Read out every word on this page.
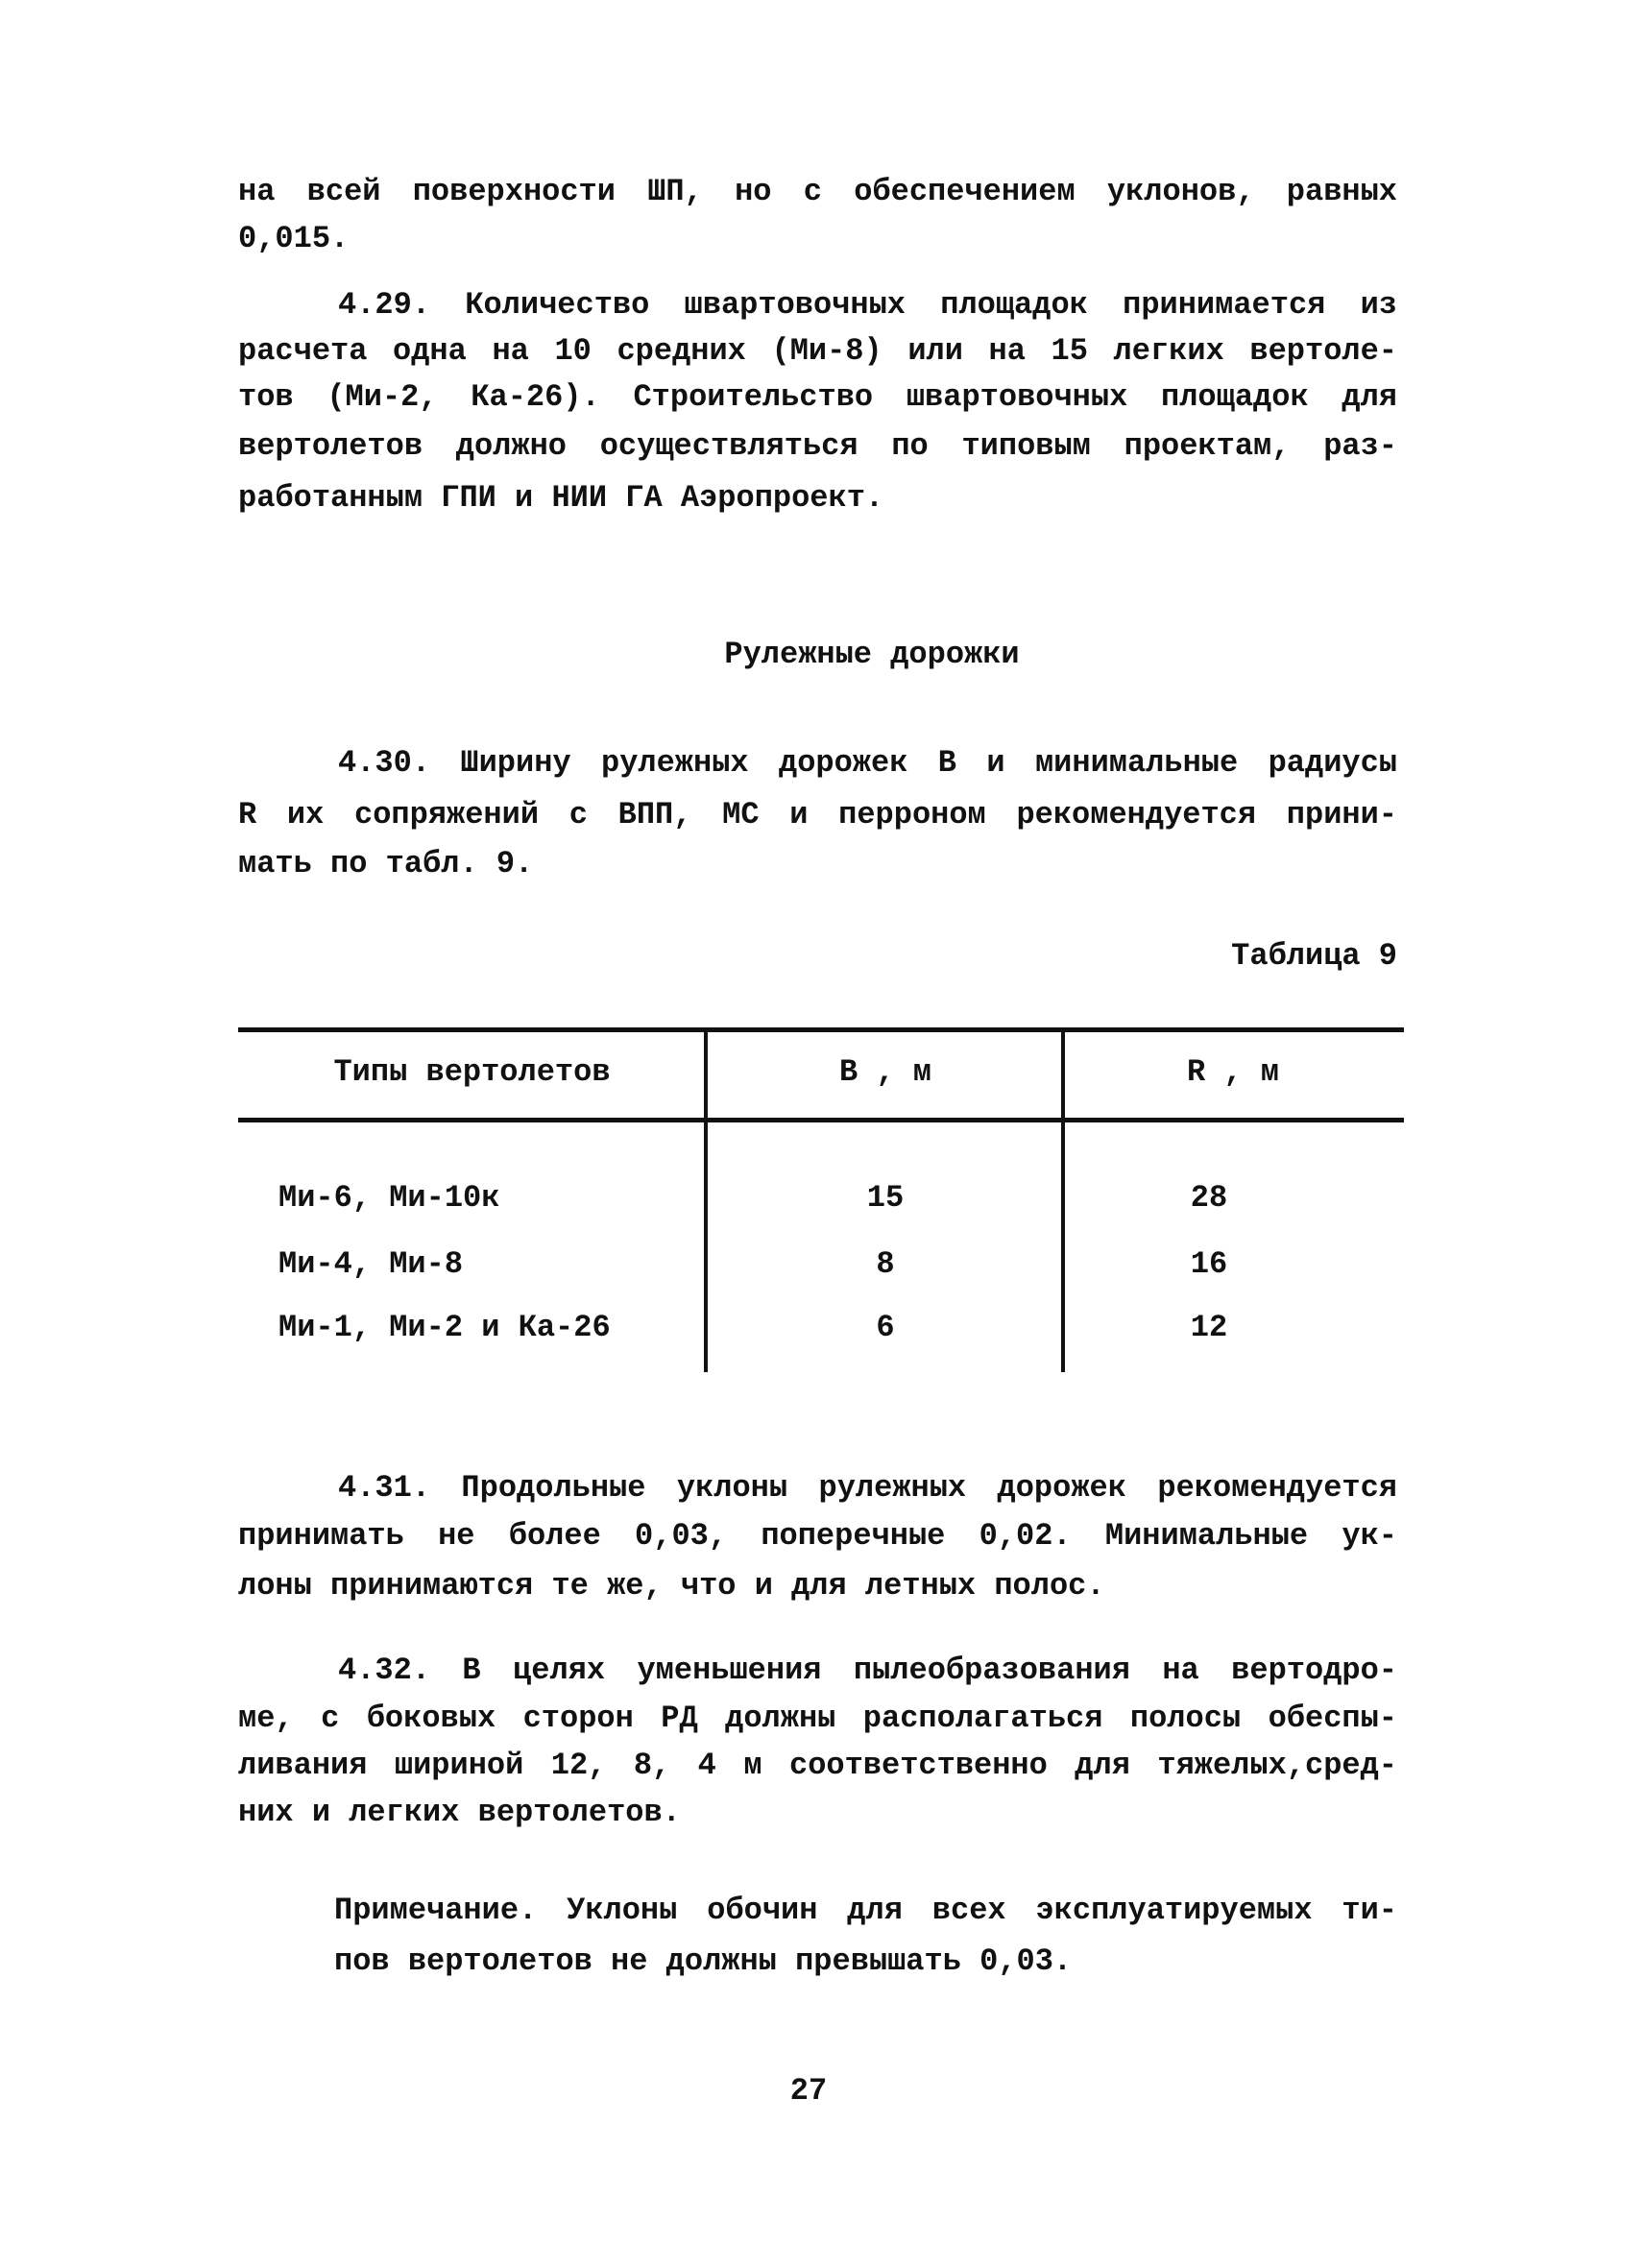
на всей поверхности ШП, но с обеспечением уклонов, равных
0,015.
4.29. Количество швартовочных площадок принимается из
расчета одна на 10 средних (Ми-8) или на 15 легких вертоле-
тов (Ми-2, Ка-26). Строительство швартовочных площадок для
вертолетов должно осуществляться по типовым проектам, раз-
работанным ГПИ и НИИ ГА Аэропроект.
Рулежные дорожки
4.30. Ширину рулежных дорожек В и минимальные радиусы
R их сопряжений с ВПП, МС и перроном рекомендуется прини-
мать по табл. 9.
Таблица 9
Типы вертолетов	В , м	R , м
Ми-6, Ми-10к	15	28
Ми-4, Ми-8	8	16
Ми-1, Ми-2 и Ка-26	6	12
4.31. Продольные уклоны рулежных дорожек рекомендуется
принимать не более 0,03, поперечные 0,02. Минимальные ук-
лоны принимаются те же, что и для летных полос.
4.32. В целях уменьшения пылеобразования на вертодро-
ме, с боковых сторон РД должны располагаться полосы обеспы-
ливания шириной 12, 8, 4 м соответственно для тяжелых,сред-
них и легких вертолетов.
Примечание. Уклоны обочин для всех эксплуатируемых ти-
пов вертолетов не должны превышать 0,03.
27
